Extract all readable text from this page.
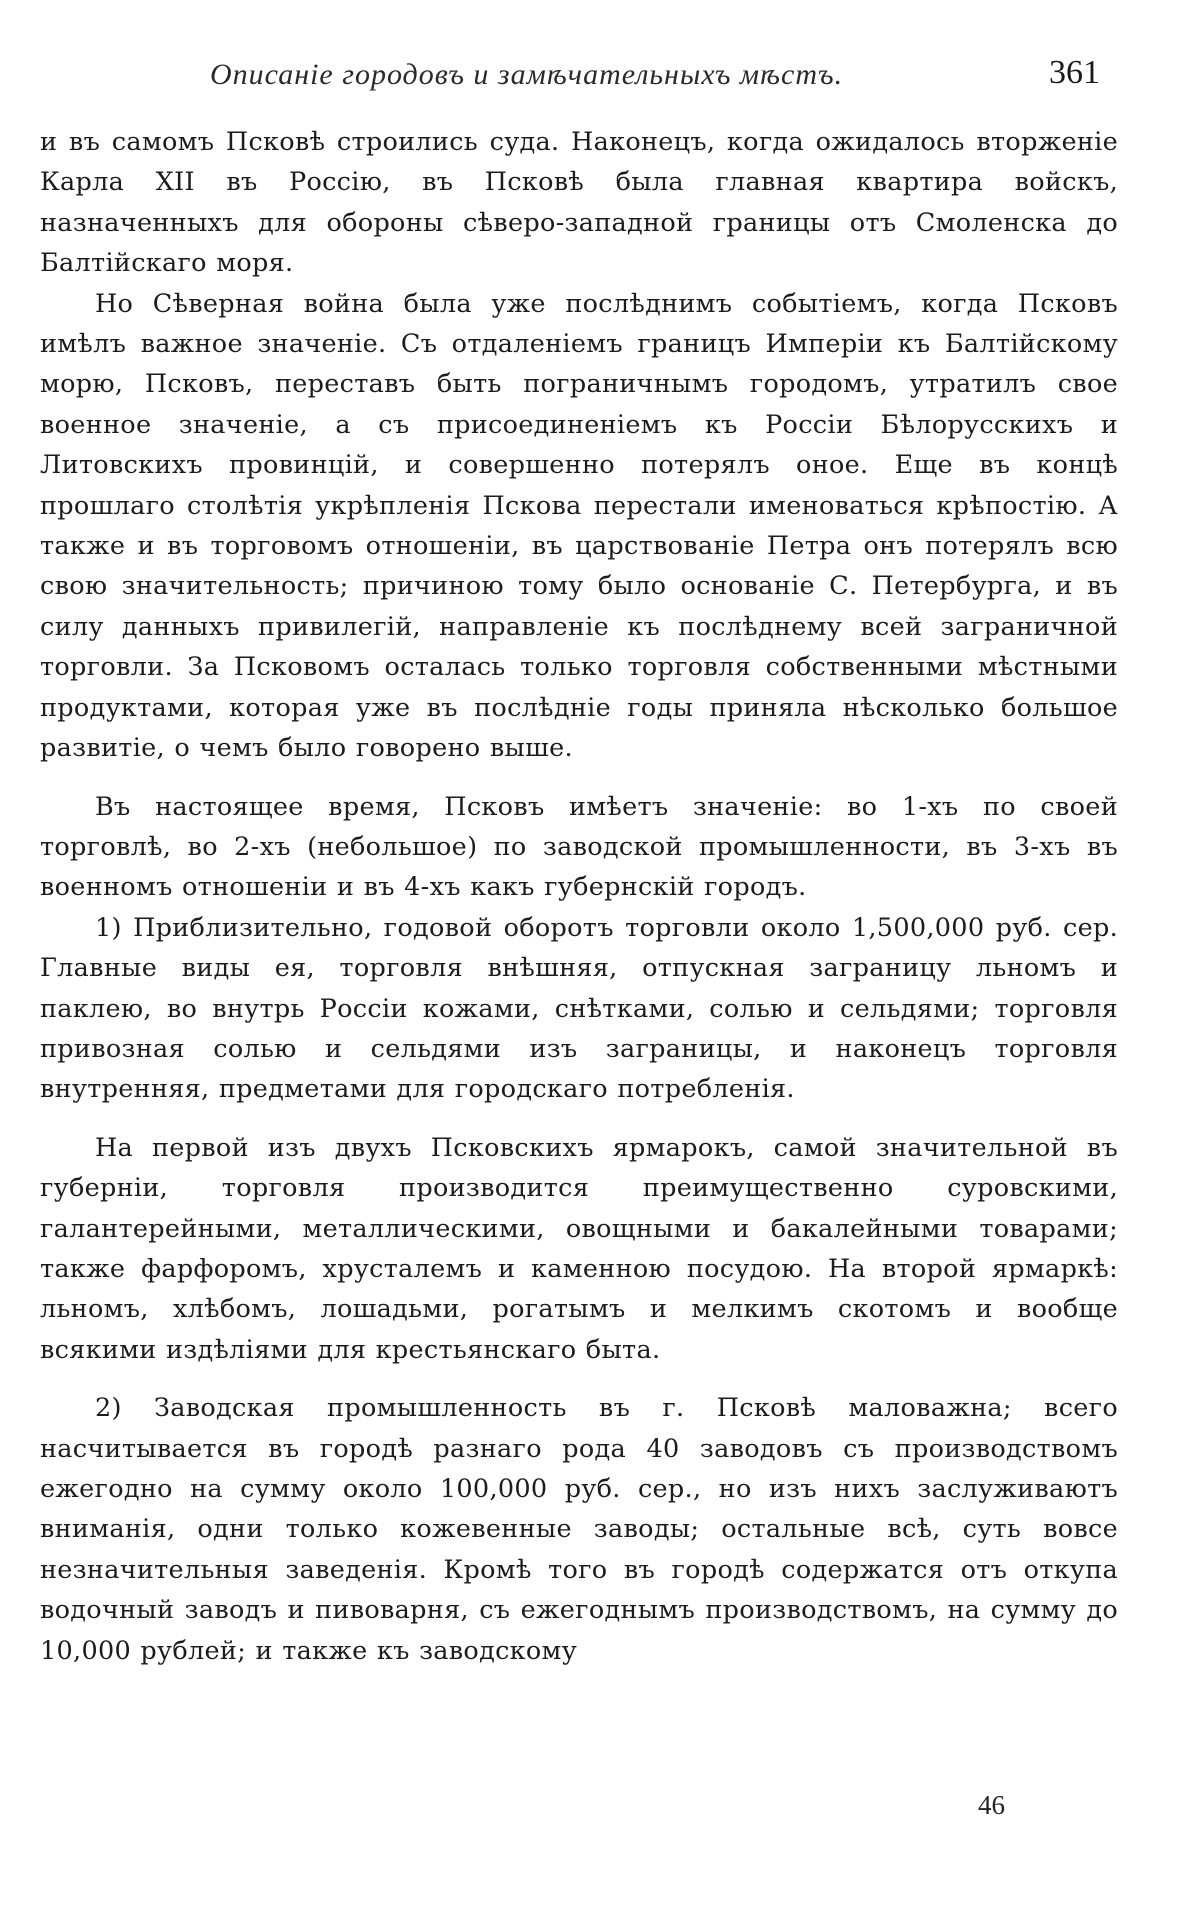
Описаніе городовъ и замѣчательныхъ мѣстъ.	361

и въ самомъ Псковѣ строились суда. Наконецъ, когда ожидалось вторженіе Карла XII въ Россію, въ Псковѣ была главная квартира войскъ, назначенныхъ для обороны сѣверо-западной границы отъ Смоленска до Балтійскаго моря.

Но Сѣверная война была уже послѣднимъ событіемъ, когда Псковъ имѣлъ важное значеніе. Съ отдаленіемъ границъ Имперіи къ Балтійскому морю, Псковъ, переставъ быть пограничнымъ городомъ, утратилъ свое военное значеніе, а съ присоединеніемъ къ Россіи Бѣлорусскихъ и Литовскихъ провинцій, и совершенно потерялъ оное. Еще въ концѣ прошлаго столѣтія укрѣпленія Пскова перестали именоваться крѣпостію. А также и въ торговомъ отношеніи, въ царствованіе Петра онъ потерялъ всю свою значительность; причиною тому было основаніе С. Петербурга, и въ силу данныхъ привилегій, направленіе къ послѣднему всей заграничной торговли. За Псковомъ осталась только торговля собственными мѣстными продуктами, которая уже въ послѣдніе годы приняла нѣсколько большое развитіе, о чемъ было говорено выше.

Въ настоящее время, Псковъ имѣетъ значеніе: во 1-хъ по своей торговлѣ, во 2-хъ (небольшое) по заводской промышленности, въ 3-хъ въ военномъ отношеніи и въ 4-хъ какъ губернскій городъ.

1) Приблизительно, годовой оборотъ торговли около 1,500,000 руб. сер. Главные виды ея, торговля внѣшняя, отпускная заграницу льномъ и паклею, во внутрь Россіи кожами, снѣтками, солью и сельдями; торговля привозная солью и сельдями изъ заграницы, и наконецъ торговля внутренняя, предметами для городскаго потребленія.

На первой изъ двухъ Псковскихъ ярмарокъ, самой значительной въ губерніи, торговля производится преимущественно суровскими, галантерейными, металлическими, овощными и бакалейными товарами; также фарфоромъ, хрусталемъ и каменною посудою. На второй ярмаркѣ: льномъ, хлѣбомъ, лошадьми, рогатымъ и мелкимъ скотомъ и вообще всякими издѣліями для крестьянскаго быта.

2) Заводская промышленность въ г. Псковѣ маловажна; всего насчитывается въ городѣ разнаго рода 40 заводовъ съ производствомъ ежегодно на сумму около 100,000 руб. сер., но изъ нихъ заслуживаютъ вниманія, одни только кожевенные заводы; остальные всѣ, суть вовсе незначительныя заведенія. Кромѣ того въ городѣ содержатся отъ откупа водочный заводъ и пивоварня, съ ежегоднымъ производствомъ, на сумму до 10,000 рублей; и также къ заводскому

46
